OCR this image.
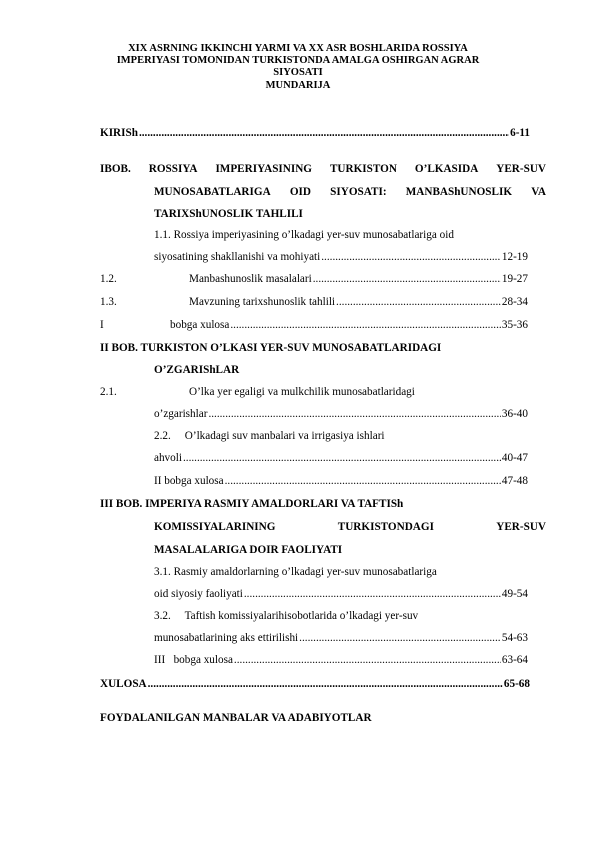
XIX ASRNING IKKINCHI YARMI VA XX ASR BOSHLARIDA ROSSIYA
IMPERIYASI TOMONIDAN TURKISTONDA AMALGA OSHIRGAN AGRAR
SIYOSATI
MUNDARIJA
KIRISh .....	6-11
IBOB. ROSSIYA IMPERIYASINING TURKISTON O’LKASIDA YER-SUV
MUNOSABATLARIGA OID SIYOSATI: MANBAShUNOSLIK VA
TARIXShUNOSLIK TAHLILI
1.1. Rossiya imperiyasining o’lkadagi yer-suv munosabatlariga oid
siyosatining shakllanishi va mohiyati .....	12-19
1.2.	Manbashunoslik masalalari .....	19-27
1.3.	Mavzuning tarixshunoslik tahlili .....	28-34
I	bobga xulosa .....	35-36
II BOB. TURKISTON O’LKASI YER-SUV MUNOSABATLARIDAGI
O’ZGARIShLAR
2.1.	O’lka yer egaligi va mulkchilik munosabatlaridagi
o’zgarishlar .....	36-40
2.2.     O’lkadagi suv manbalari va irrigasiya ishlari
ahvoli .....	40-47
II bobga xulosa .....	47-48
III BOB. IMPERIYA RASMIY AMALDORLARI VA TAFTISh
KOMISSIYALARINING	TURKISTONDAGI	YER-SUV
MASALALARIGA DOIR FAOLIYATI
3.1. Rasmiy amaldorlarning o’lkadagi yer-suv munosabatlariga
oid siyosiy faoliyati .....	49-54
3.2.     Taftish komissiyalarihisobotlarida o’lkadagi yer-suv
munosabatlarining aks ettirilishi .....	54-63
III   bobga xulosa .....	63-64
XULOSA .....	65-68
FOYDALANILGAN MANBALAR VA ADABIYOTLAR
